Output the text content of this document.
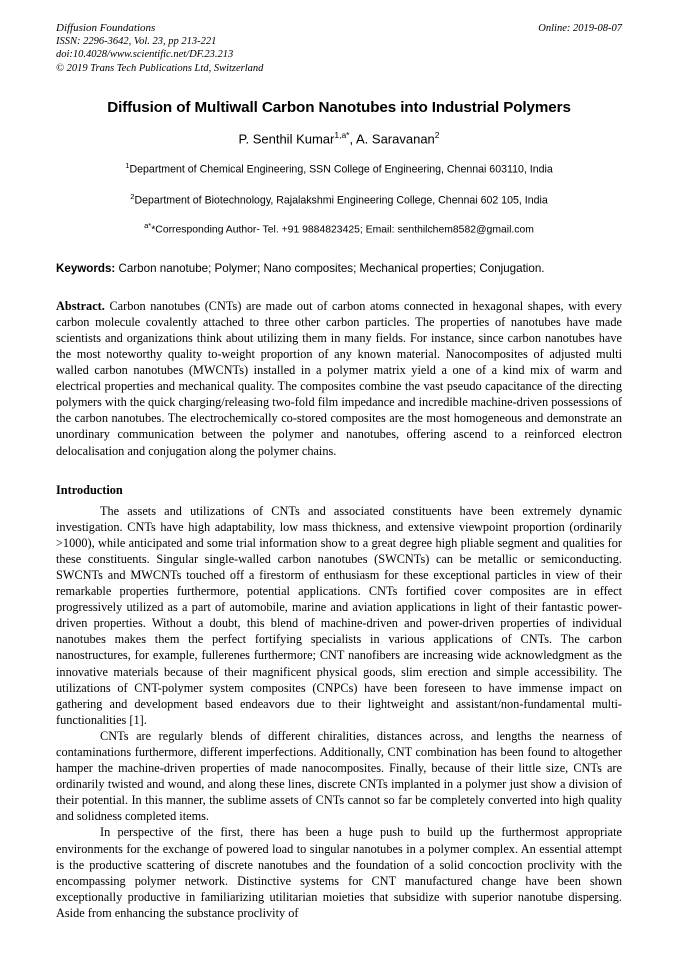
Diffusion Foundations
ISSN: 2296-3642, Vol. 23, pp 213-221
doi:10.4028/www.scientific.net/DF.23.213
© 2019 Trans Tech Publications Ltd, Switzerland
Online: 2019-08-07
Diffusion of Multiwall Carbon Nanotubes into Industrial Polymers
P. Senthil Kumar$^{1,a*}$, A. Saravanan$^2$
$^1$Department of Chemical Engineering, SSN College of Engineering, Chennai 603110, India
$^2$Department of Biotechnology, Rajalakshmi Engineering College, Chennai 602 105, India
$^{a*}$*Corresponding Author- Tel. +91 9884823425; Email: senthilchem8582@gmail.com
Keywords: Carbon nanotube; Polymer; Nano composites; Mechanical properties; Conjugation.
Abstract. Carbon nanotubes (CNTs) are made out of carbon atoms connected in hexagonal shapes, with every carbon molecule covalently attached to three other carbon particles. The properties of nanotubes have made scientists and organizations think about utilizing them in many fields. For instance, since carbon nanotubes have the most noteworthy quality to-weight proportion of any known material. Nanocomposites of adjusted multi walled carbon nanotubes (MWCNTs) installed in a polymer matrix yield a one of a kind mix of warm and electrical properties and mechanical quality. The composites combine the vast pseudo capacitance of the directing polymers with the quick charging/releasing two-fold film impedance and incredible machine-driven possessions of the carbon nanotubes. The electrochemically co-stored composites are the most homogeneous and demonstrate an unordinary communication between the polymer and nanotubes, offering ascend to a reinforced electron delocalisation and conjugation along the polymer chains.
Introduction

The assets and utilizations of CNTs and associated constituents have been extremely dynamic investigation. CNTs have high adaptability, low mass thickness, and extensive viewpoint proportion (ordinarily >1000), while anticipated and some trial information show to a great degree high pliable segment and qualities for these constituents. Singular single-walled carbon nanotubes (SWCNTs) can be metallic or semiconducting. SWCNTs and MWCNTs touched off a firestorm of enthusiasm for these exceptional particles in view of their remarkable properties furthermore, potential applications. CNTs fortified cover composites are in effect progressively utilized as a part of automobile, marine and aviation applications in light of their fantastic power-driven properties. Without a doubt, this blend of machine-driven and power-driven properties of individual nanotubes makes them the perfect fortifying specialists in various applications of CNTs. The carbon nanostructures, for example, fullerenes furthermore; CNT nanofibers are increasing wide acknowledgment as the innovative materials because of their magnificent physical goods, slim erection and simple accessibility. The utilizations of CNT-polymer system composites (CNPCs) have been foreseen to have immense impact on gathering and development based endeavors due to their lightweight and assistant/non-fundamental multi-functionalities [1].

CNTs are regularly blends of different chiralities, distances across, and lengths the nearness of contaminations furthermore, different imperfections. Additionally, CNT combination has been found to altogether hamper the machine-driven properties of made nanocomposites. Finally, because of their little size, CNTs are ordinarily twisted and wound, and along these lines, discrete CNTs implanted in a polymer just show a division of their potential. In this manner, the sublime assets of CNTs cannot so far be completely converted into high quality and solidness completed items.

In perspective of the first, there has been a huge push to build up the furthermost appropriate environments for the exchange of powered load to singular nanotubes in a polymer complex. An essential attempt is the productive scattering of discrete nanotubes and the foundation of a solid concoction proclivity with the encompassing polymer network. Distinctive systems for CNT manufactured change have been shown exceptionally productive in familiarizing utilitarian moieties that subsidize with superior nanotube dispersing. Aside from enhancing the substance proclivity of
